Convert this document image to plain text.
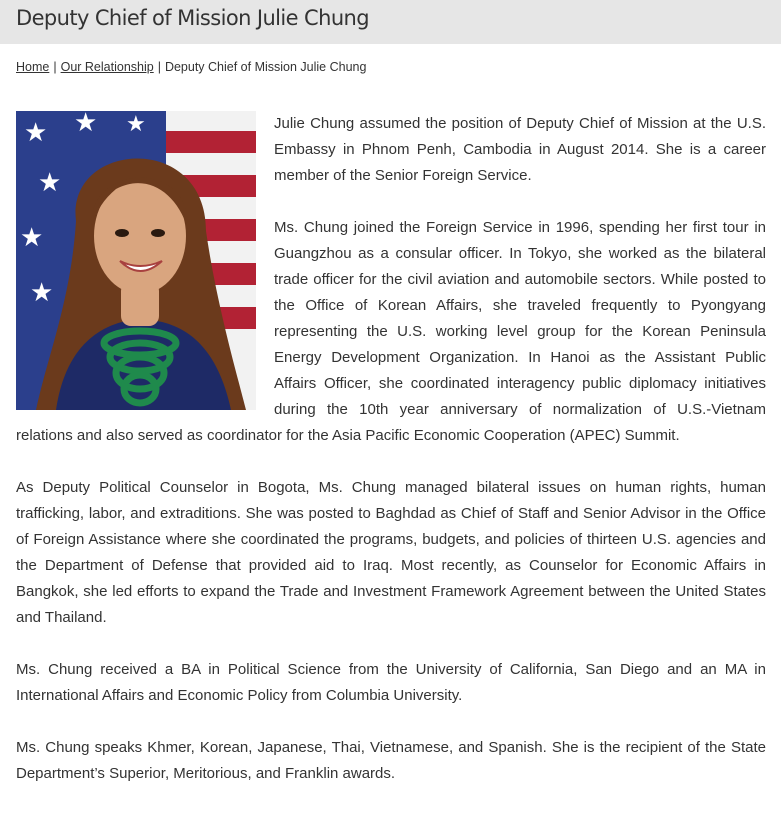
Deputy Chief of Mission Julie Chung
Home | Our Relationship | Deputy Chief of Mission Julie Chung
★ ★
★
★
★
★	Julie Chung assumed the position of Deputy Chief of Mission at the U.S. Embassy in Phnom Penh, Cambodia in August 2014. She is a career member of the Senior Foreign Service.

Ms. Chung joined the Foreign Service in 1996, spending her first tour in Guangzhou as a consular officer. In Tokyo, she worked as the bilateral trade officer for the civil aviation and automobile sectors. While posted to the Office of Korean Affairs, she traveled frequently to Pyongyang representing the U.S. working level group for the Korean Peninsula Energy Development Organization. In Hanoi as the Assistant Public Affairs Officer, she coordinated interagency public diplomacy initiatives during the 10th year anniversary of normalization of U.S.-Vietnam relations and also served as coordinator for the Asia Pacific Economic Cooperation (APEC) Summit.

As Deputy Political Counselor in Bogota, Ms. Chung managed bilateral issues on human rights, human trafficking, labor, and extraditions. She was posted to Baghdad as Chief of Staff and Senior Advisor in the Office of Foreign Assistance where she coordinated the programs, budgets, and policies of thirteen U.S. agencies and the Department of Defense that provided aid to Iraq. Most recently, as Counselor for Economic Affairs in Bangkok, she led efforts to expand the Trade and Investment Framework Agreement between the United States and Thailand.

Ms. Chung received a BA in Political Science from the University of California, San Diego and an MA in International Affairs and Economic Policy from Columbia University.

Ms. Chung speaks Khmer, Korean, Japanese, Thai, Vietnamese, and Spanish. She is the recipient of the State Department’s Superior, Meritorious, and Franklin awards.
